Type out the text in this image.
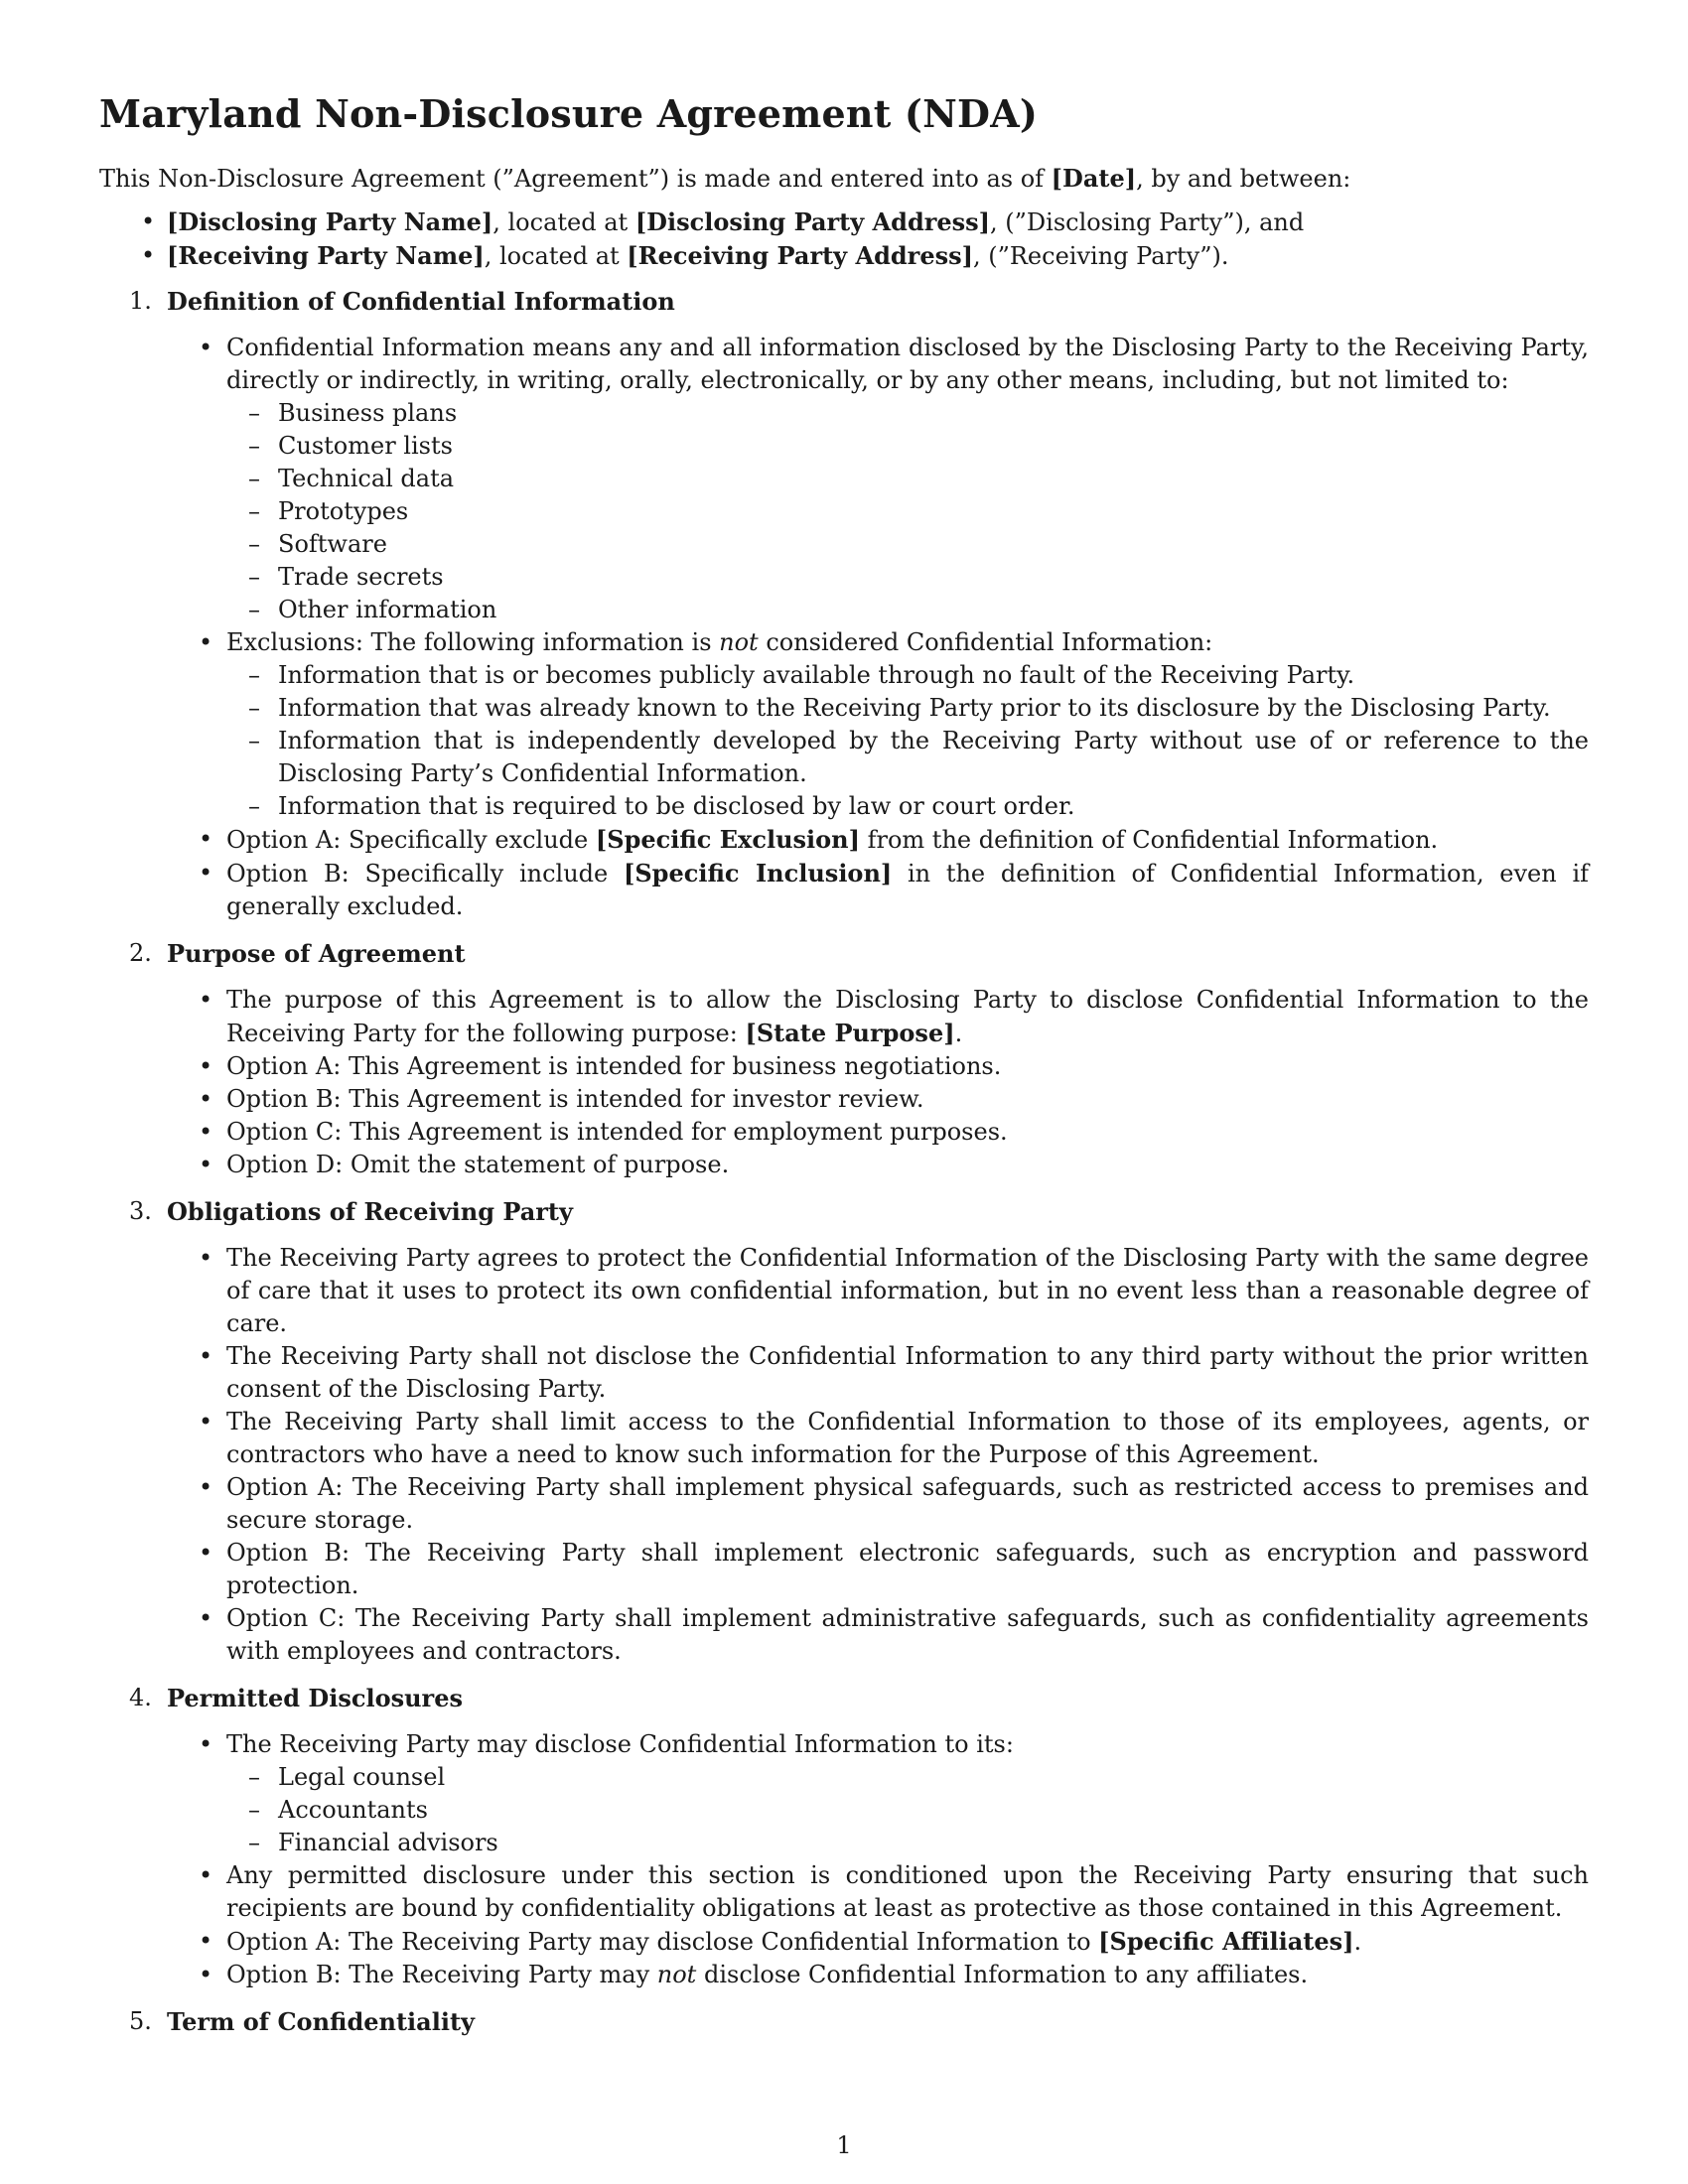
Maryland Non-Disclosure Agreement (NDA)

This Non-Disclosure Agreement (”Agreement”) is made and entered into as of [Date], by and between:

• [Disclosing Party Name], located at [Disclosing Party Address], (”Disclosing Party”), and
• [Receiving Party Name], located at [Receiving Party Address], (”Receiving Party”).
1. Definition of Confidential Information
• Confidential Information means any and all information disclosed by the Disclosing Party to the Receiving Party, directly or indirectly, in writing, orally, electronically, or by any other means, including, but not limited to:
– Business plans
– Customer lists
– Technical data
– Prototypes
– Software
– Trade secrets
– Other information
• Exclusions: The following information is not considered Confidential Information:
– Information that is or becomes publicly available through no fault of the Receiving Party.
– Information that was already known to the Receiving Party prior to its disclosure by the Disclosing Party.
– Information that is independently developed by the Receiving Party without use of or reference to the Disclosing Party’s Confidential Information.
– Information that is required to be disclosed by law or court order.
• Option A: Specifically exclude [Specific Exclusion] from the definition of Confidential Information.
• Option B: Specifically include [Specific Inclusion] in the definition of Confidential Information, even if generally excluded.
2. Purpose of Agreement
• The purpose of this Agreement is to allow the Disclosing Party to disclose Confidential Information to the Receiving Party for the following purpose: [State Purpose].
• Option A: This Agreement is intended for business negotiations.
• Option B: This Agreement is intended for investor review.
• Option C: This Agreement is intended for employment purposes.
• Option D: Omit the statement of purpose.
3. Obligations of Receiving Party
• The Receiving Party agrees to protect the Confidential Information of the Disclosing Party with the same degree of care that it uses to protect its own confidential information, but in no event less than a reasonable degree of care.
• The Receiving Party shall not disclose the Confidential Information to any third party without the prior written consent of the Disclosing Party.
• The Receiving Party shall limit access to the Confidential Information to those of its employees, agents, or contractors who have a need to know such information for the Purpose of this Agreement.
• Option A: The Receiving Party shall implement physical safeguards, such as restricted access to premises and secure storage.
• Option B: The Receiving Party shall implement electronic safeguards, such as encryption and password protection.
• Option C: The Receiving Party shall implement administrative safeguards, such as confidentiality agreements with employees and contractors.
4. Permitted Disclosures
• The Receiving Party may disclose Confidential Information to its:
– Legal counsel
– Accountants
– Financial advisors
• Any permitted disclosure under this section is conditioned upon the Receiving Party ensuring that such recipients are bound by confidentiality obligations at least as protective as those contained in this Agreement.
• Option A: The Receiving Party may disclose Confidential Information to [Specific Affiliates].
• Option B: The Receiving Party may not disclose Confidential Information to any affiliates.
5. Term of Confidentiality
1
